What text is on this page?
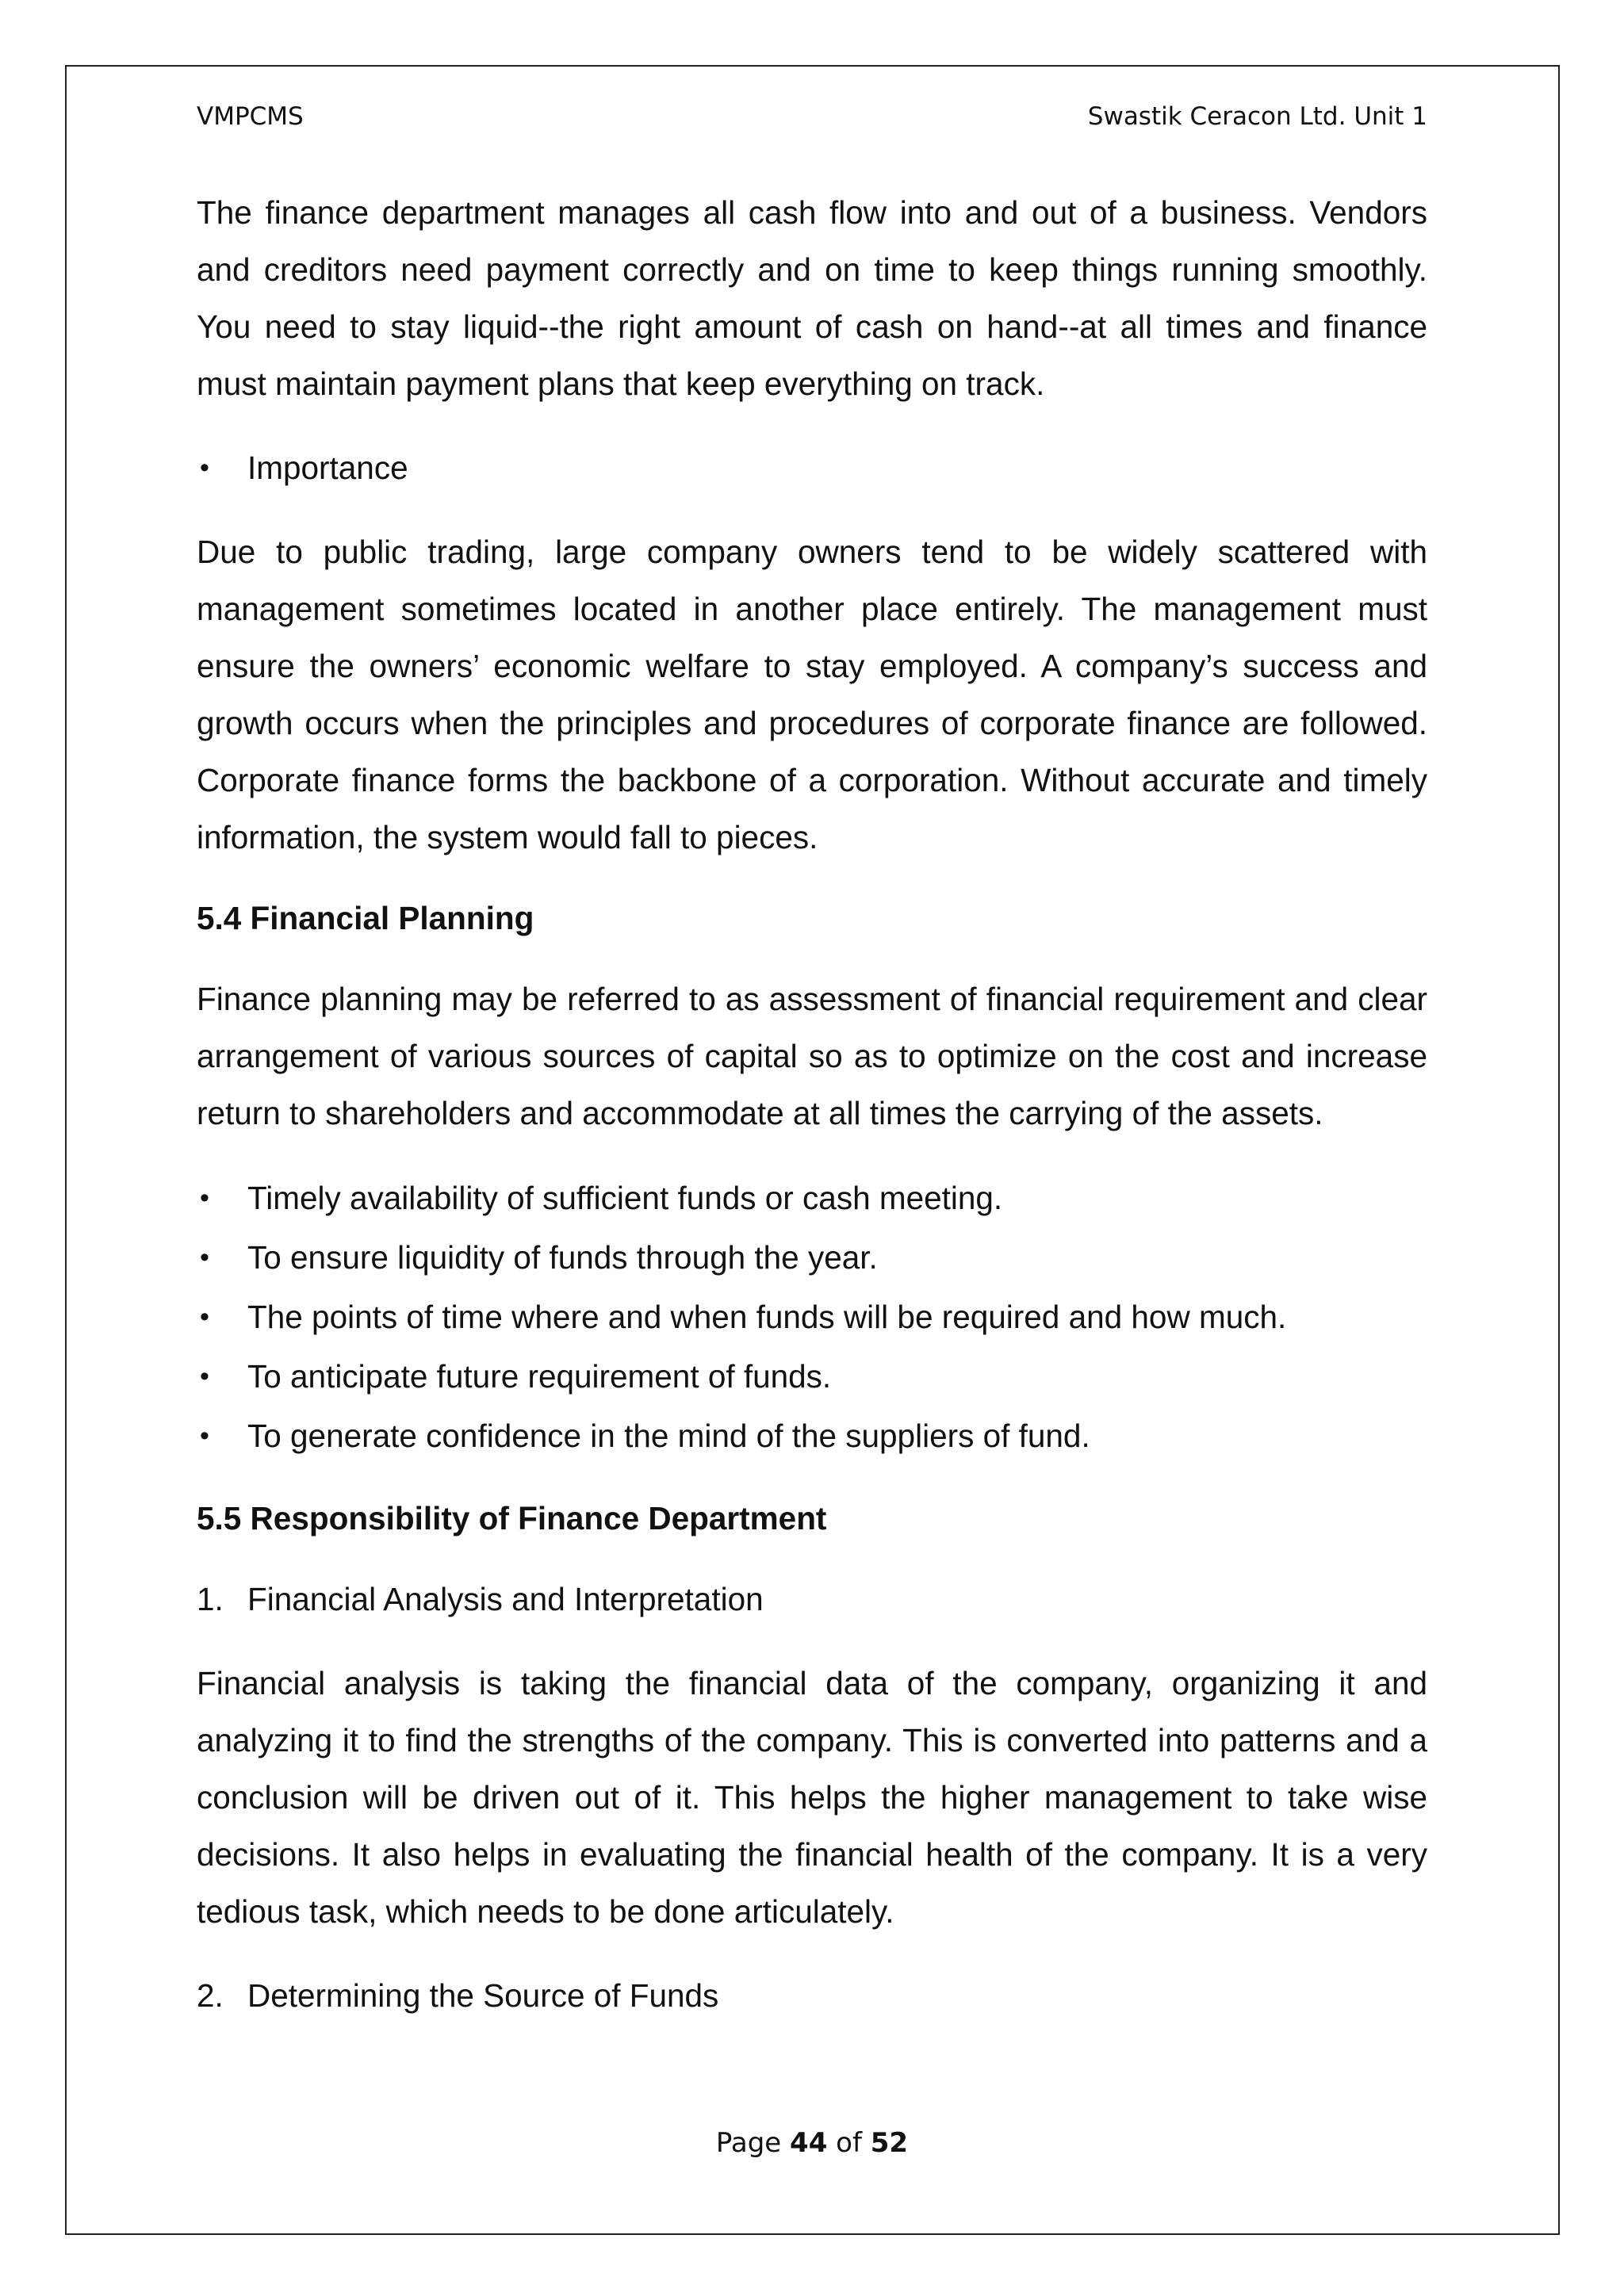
VMPCMS	Swastik Ceracon Ltd. Unit 1

The finance department manages all cash flow into and out of a business. Vendors and creditors need payment correctly and on time to keep things running smoothly. You need to stay liquid--the right amount of cash on hand--at all times and finance must maintain payment plans that keep everything on track.

• Importance

Due to public trading, large company owners tend to be widely scattered with management sometimes located in another place entirely. The management must ensure the owners’ economic welfare to stay employed. A company’s success and growth occurs when the principles and procedures of corporate finance are followed. Corporate finance forms the backbone of a corporation. Without accurate and timely information, the system would fall to pieces.

5.4 Financial Planning

Finance planning may be referred to as assessment of financial requirement and clear arrangement of various sources of capital so as to optimize on the cost and increase return to shareholders and accommodate at all times the carrying of the assets.

• Timely availability of sufficient funds or cash meeting.
• To ensure liquidity of funds through the year.
• The points of time where and when funds will be required and how much.
• To anticipate future requirement of funds.
• To generate confidence in the mind of the suppliers of fund.
5.5 Responsibility of Finance Department

1. Financial Analysis and Interpretation

Financial analysis is taking the financial data of the company, organizing it and analyzing it to find the strengths of the company. This is converted into patterns and a conclusion will be driven out of it. This helps the higher management to take wise decisions. It also helps in evaluating the financial health of the company. It is a very tedious task, which needs to be done articulately.

2. Determining the Source of Funds

Page 44 of 52
